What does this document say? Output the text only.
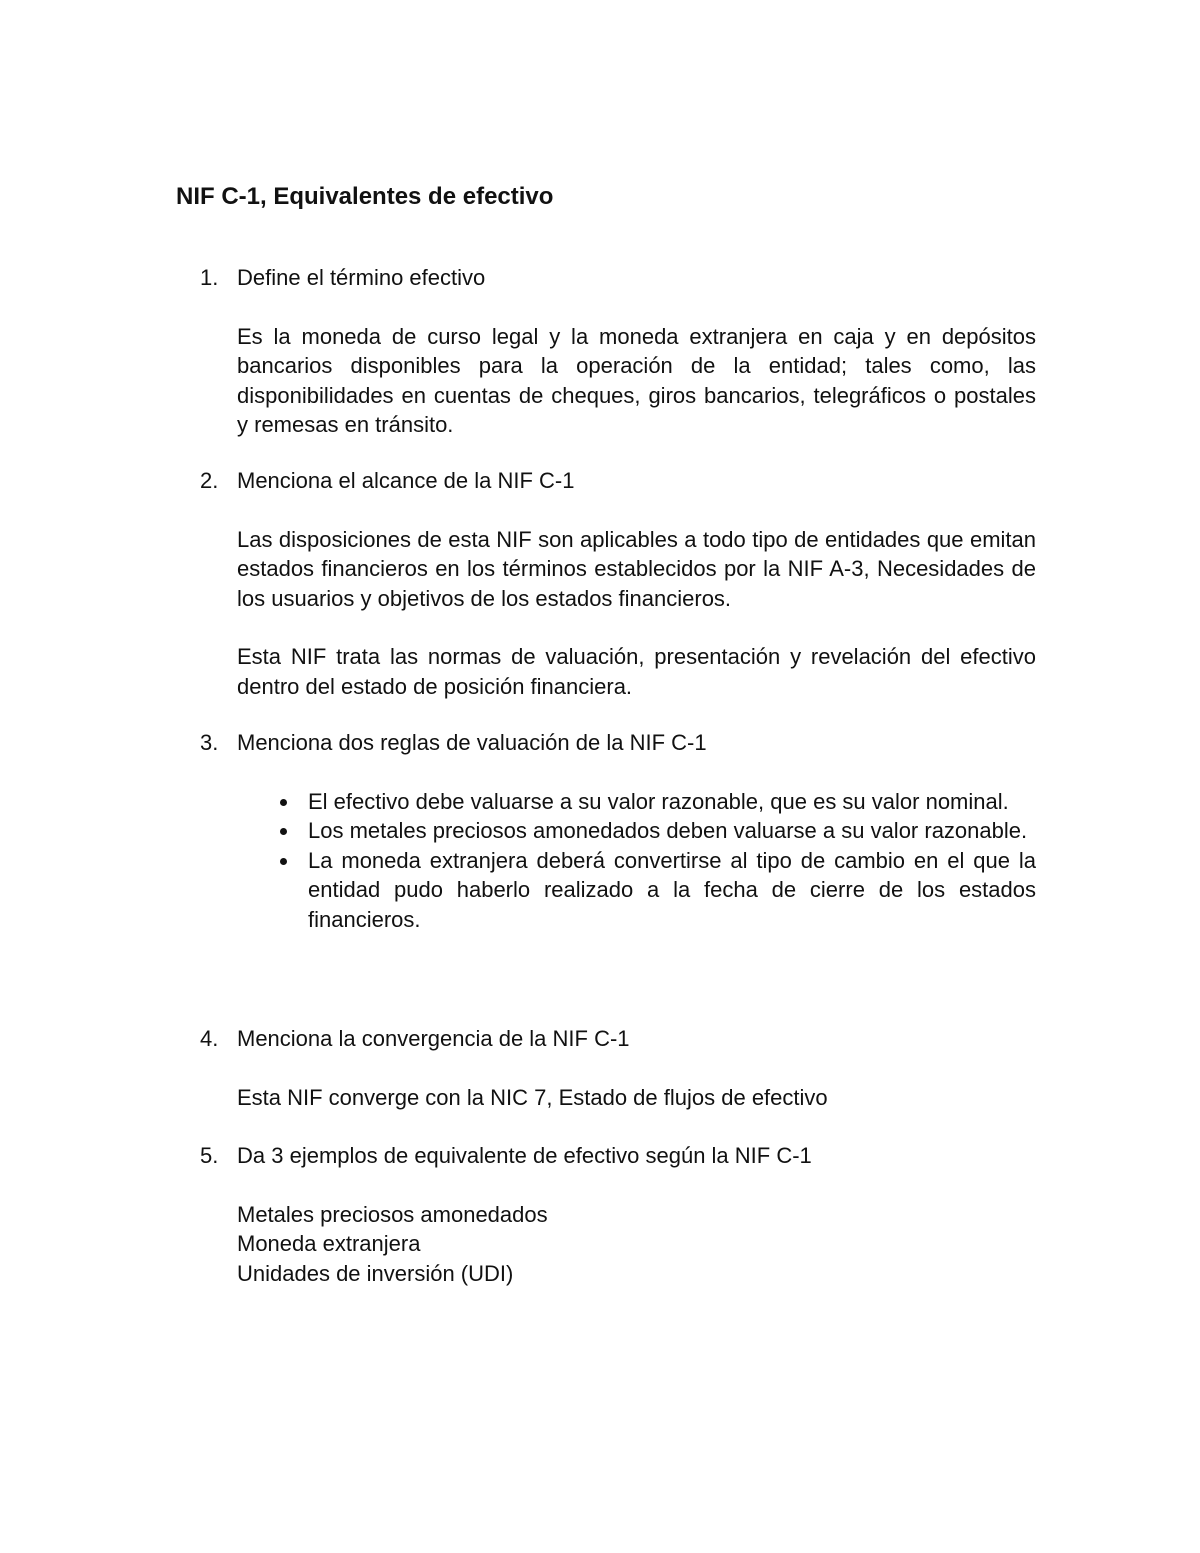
NIF C-1, Equivalentes de efectivo
1. Define el término efectivo

Es la moneda de curso legal y la moneda extranjera en caja y en depósitos bancarios disponibles para la operación de la entidad; tales como, las disponibilidades en cuentas de cheques, giros bancarios, telegráficos o postales y remesas en tránsito.

2. Menciona el alcance de la NIF C-1

Las disposiciones de esta NIF son aplicables a todo tipo de entidades que emitan estados financieros en los términos establecidos por la NIF A-3, Necesidades de los usuarios y objetivos de los estados financieros.

Esta NIF trata las normas de valuación, presentación y revelación del efectivo dentro del estado de posición financiera.

3. Menciona dos reglas de valuación de la NIF C-1
El efectivo debe valuarse a su valor razonable, que es su valor nominal.
Los metales preciosos amonedados deben valuarse a su valor razonable.
La moneda extranjera deberá convertirse al tipo de cambio en el que la entidad pudo haberlo realizado a la fecha de cierre de los estados financieros.
4. Menciona la convergencia de la NIF C-1

Esta NIF converge con la NIC 7, Estado de flujos de efectivo

5. Da 3 ejemplos de equivalente de efectivo según la NIF C-1
Metales preciosos amonedados
Moneda extranjera
Unidades de inversión (UDI)
